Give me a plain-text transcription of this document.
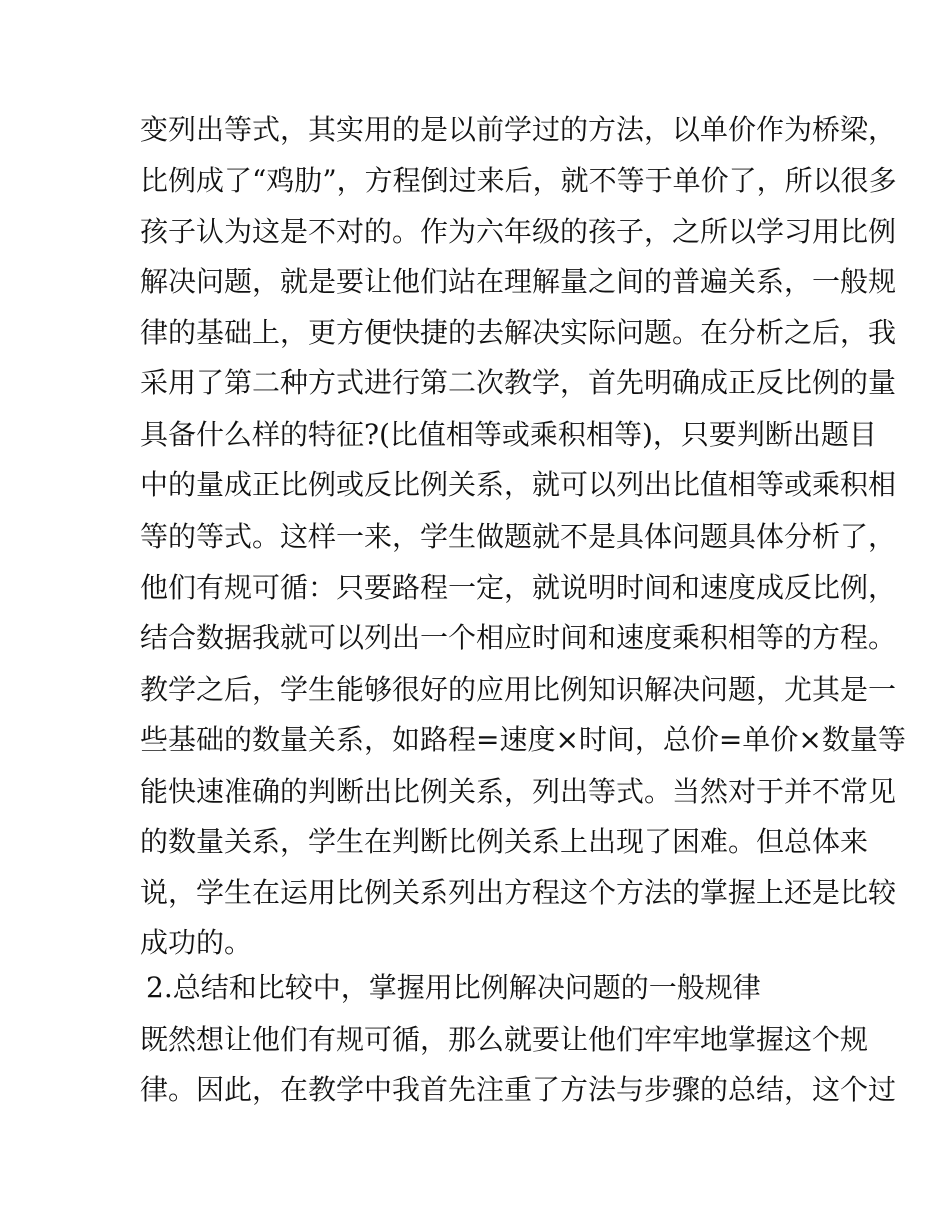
变列出等式，其实用的是以前学过的方法，以单价作为桥梁，
比例成了“鸡肋”，方程倒过来后，就不等于单价了，所以很多
孩子认为这是不对的。作为六年级的孩子，之所以学习用比例
解决问题，就是要让他们站在理解量之间的普遍关系，一般规
律的基础上，更方便快捷的去解决实际问题。在分析之后，我
采用了第二种方式进行第二次教学，首先明确成正反比例的量
具备什么样的特征?(比值相等或乘积相等)，只要判断出题目
中的量成正比例或反比例关系，就可以列出比值相等或乘积相
等的等式。这样一来，学生做题就不是具体问题具体分析了，
他们有规可循：只要路程一定，就说明时间和速度成反比例，
结合数据我就可以列出一个相应时间和速度乘积相等的方程。
教学之后，学生能够很好的应用比例知识解决问题，尤其是一
些基础的数量关系，如路程=速度×时间，总价=单价×数量等
能快速准确的判断出比例关系，列出等式。当然对于并不常见
的数量关系，学生在判断比例关系上出现了困难。但总体来
说，学生在运用比例关系列出方程这个方法的掌握上还是比较
成功的。
2.总结和比较中，掌握用比例解决问题的一般规律
既然想让他们有规可循，那么就要让他们牢牢地掌握这个规
律。因此，在教学中我首先注重了方法与步骤的总结，这个过
